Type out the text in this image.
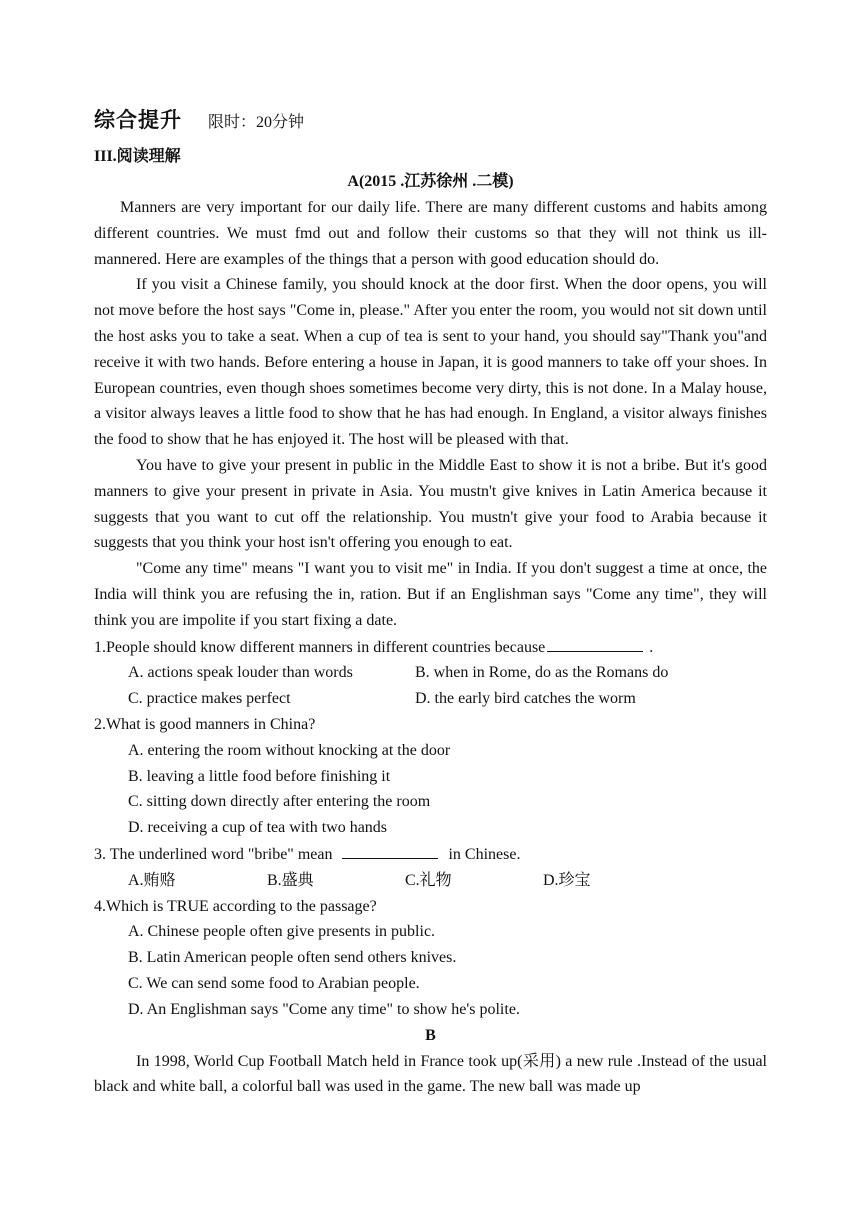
综合提升 限时：20分钟
III.阅读理解
A(2015 .江苏徐州 .二模)

Manners are very important for our daily life. There are many different customs and habits among different countries. We must fmd out and follow their customs so that they will not think us ill-mannered. Here are examples of the things that a person with good education should do.

If you visit a Chinese family, you should knock at the door first. When the door opens, you will not move before the host says "Come in, please." After you enter the room, you would not sit down until the host asks you to take a seat. When a cup of tea is sent to your hand, you should say"Thank you"and receive it with two hands. Before entering a house in Japan, it is good manners to take off your shoes. In European countries, even though shoes sometimes become very dirty, this is not done. In a Malay house, a visitor always leaves a little food to show that he has had enough. In England, a visitor always finishes the food to show that he has enjoyed it. The host will be pleased with that.

You have to give your present in public in the Middle East to show it is not a bribe. But it's good manners to give your present in private in Asia. You mustn't give knives in Latin America because it suggests that you want to cut off the relationship. You mustn't give your food to Arabia because it suggests that you think your host isn't offering you enough to eat.

"Come any time" means "I want you to visit me" in India. If you don't suggest a time at once, the India will think you are refusing the in, ration. But if an Englishman says "Come any time", they will think you are impolite if you start fixing a date.

1.People should know different manners in different countries because	.
A. actions speak louder than words	B. when in Rome, do as the Romans do
C. practice makes perfect	D. the early bird catches the worm
2.What is good manners in China?
A. entering the room without knocking at the door
B. leaving a little food before finishing it
C. sitting down directly after entering the room
D. receiving a cup of tea with two hands
3. The underlined word "bribe" mean	in Chinese.
A.贿赂	B.盛典	C.礼物	D.珍宝
4.Which is TRUE according to the passage?
A. Chinese people often give presents in public.
B. Latin American people often send others knives.
C. We can send some food to Arabian people.
D. An Englishman says "Come any time" to show he's polite.
B

In 1998, World Cup Football Match held in France took up(采用) a new rule .Instead of the usual black and white ball, a colorful ball was used in the game. The new ball was made up
